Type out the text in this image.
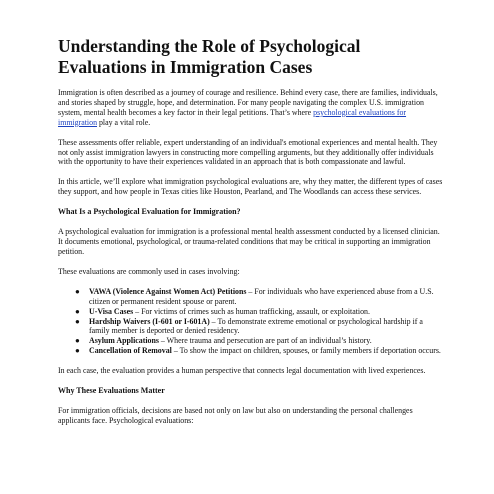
Understanding the Role of Psychological Evaluations in Immigration Cases

Immigration is often described as a journey of courage and resilience. Behind every case, there are families, individuals, and stories shaped by struggle, hope, and determination. For many people navigating the complex U.S. immigration system, mental health becomes a key factor in their legal petitions. That’s where psychological evaluations for immigration play a vital role.

These assessments offer reliable, expert understanding of an individual's emotional experiences and mental health. They not only assist immigration lawyers in constructing more compelling arguments, but they additionally offer individuals with the opportunity to have their experiences validated in an approach that is both compassionate and lawful.

In this article, we’ll explore what immigration psychological evaluations are, why they matter, the different types of cases they support, and how people in Texas cities like Houston, Pearland, and The Woodlands can access these services.

What Is a Psychological Evaluation for Immigration?

A psychological evaluation for immigration is a professional mental health assessment conducted by a licensed clinician. It documents emotional, psychological, or trauma-related conditions that may be critical in supporting an immigration petition.

These evaluations are commonly used in cases involving:

● VAWA (Violence Against Women Act) Petitions – For individuals who have experienced abuse from a U.S. citizen or permanent resident spouse or parent.
● U-Visa Cases – For victims of crimes such as human trafficking, assault, or exploitation.
● Hardship Waivers (I-601 or I-601A) – To demonstrate extreme emotional or psychological hardship if a family member is deported or denied residency.
● Asylum Applications – Where trauma and persecution are part of an individual’s history.
● Cancellation of Removal – To show the impact on children, spouses, or family members if deportation occurs.

In each case, the evaluation provides a human perspective that connects legal documentation with lived experiences.

Why These Evaluations Matter

For immigration officials, decisions are based not only on law but also on understanding the personal challenges applicants face. Psychological evaluations:
